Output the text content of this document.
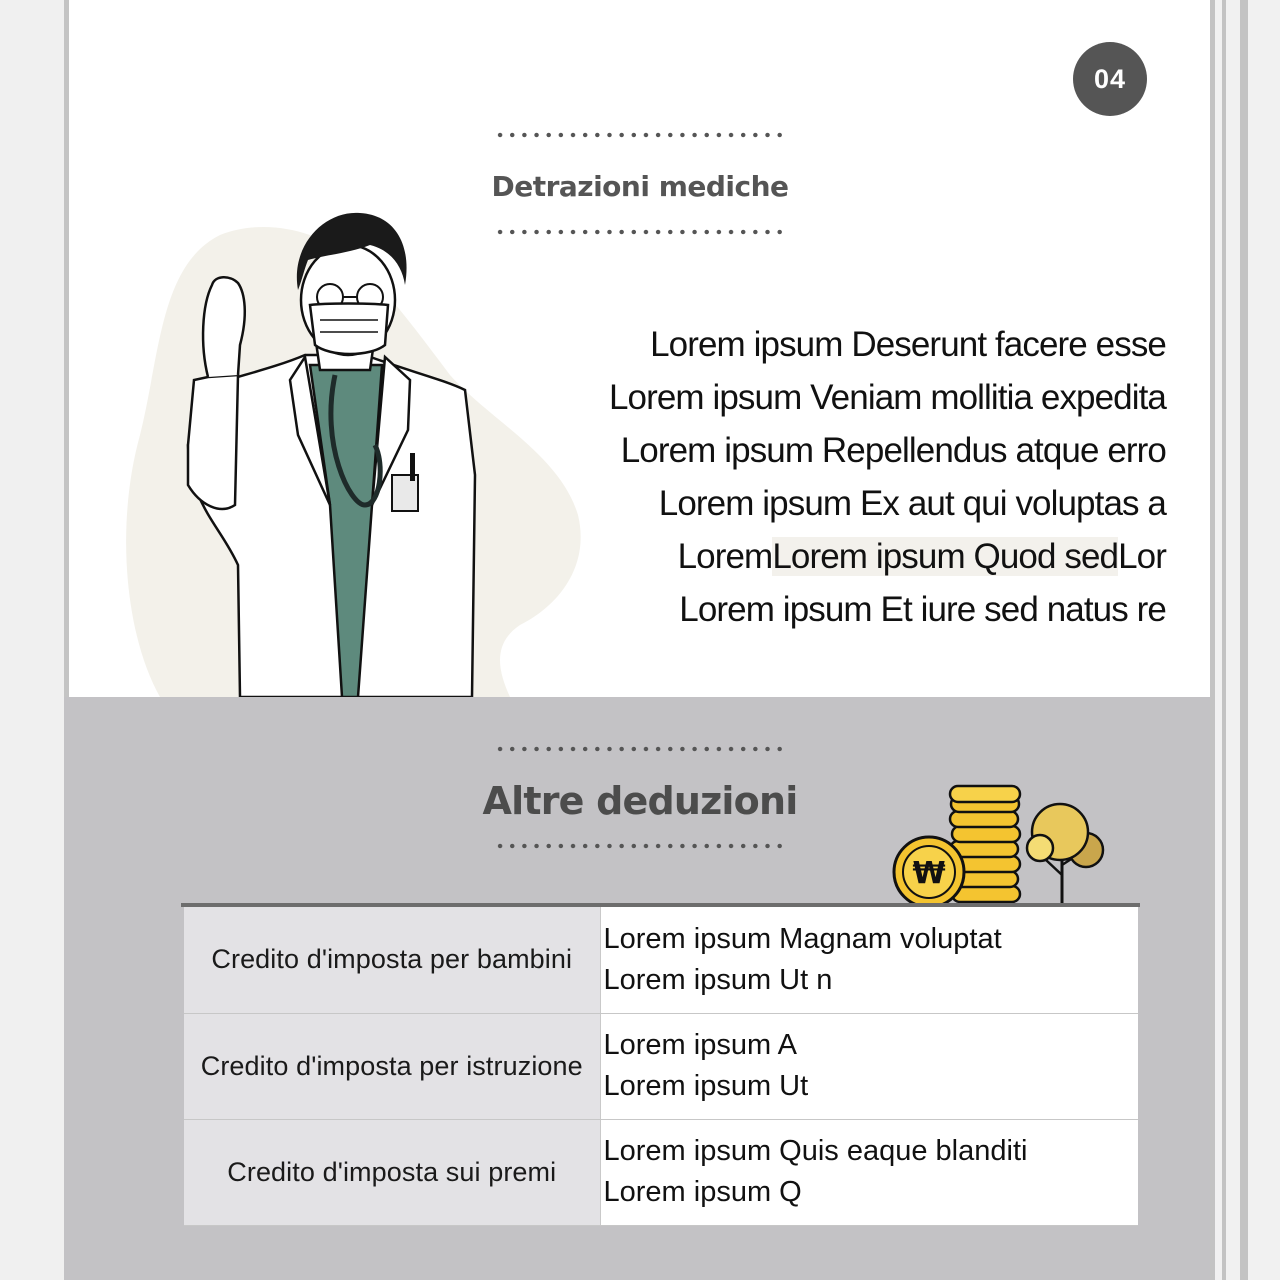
04
Detrazioni mediche
Lorem ipsum Deserunt facere esse
Lorem ipsum Veniam mollitia expedita
Lorem ipsum Repellendus atque erro
Lorem ipsum Ex aut qui voluptas a
LoremLorem ipsum Quod sedLor
Lorem ipsum Et iure sed natus re
Altre deduzioni
₩
Credito d'imposta per bambini	Lorem ipsum Magnam voluptat
Lorem ipsum Ut n

Credito d'imposta per istruzione	Lorem ipsum A
Lorem ipsum Ut

Credito d'imposta sui premi	Lorem ipsum Quis eaque blanditi
Lorem ipsum Q
